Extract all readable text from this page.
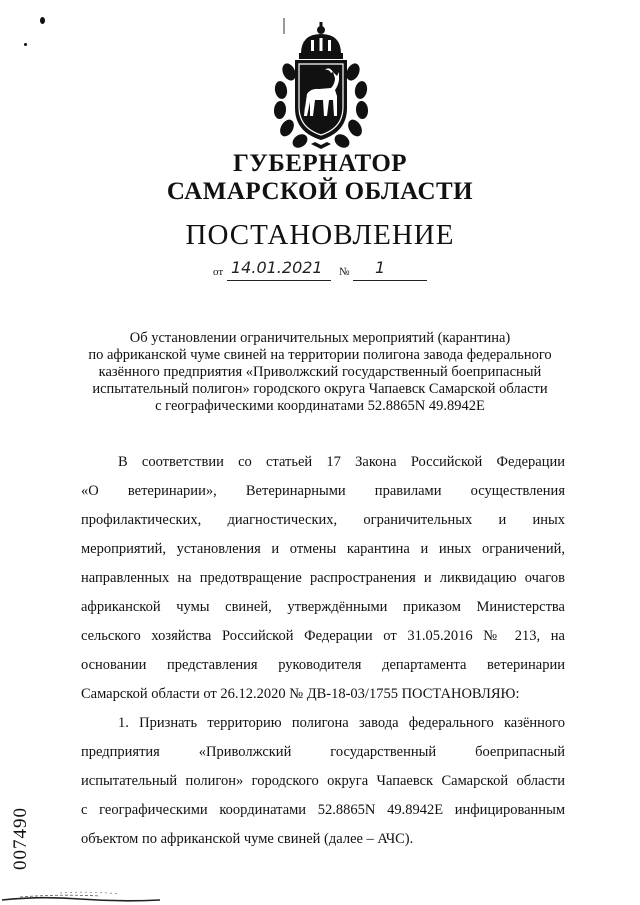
ГУБЕРНАТОР
САМАРСКОЙ ОБЛАСТИ
ПОСТАНОВЛЕНИЕ
от 14.01.2021 № 1
Об установлении ограничительных мероприятий (карантина)
по африканской чуме свиней на территории полигона завода федерального
казённого предприятия «Приволжский государственный боеприпасный
испытательный полигон» городского округа Чапаевск Самарской области
с географическими координатами 52.8865N 49.8942E
В соответствии со статьей 17 Закона Российской Федерации
«О ветеринарии», Ветеринарными правилами осуществления
профилактических, диагностических, ограничительных и иных
мероприятий, установления и отмены карантина и иных ограничений,
направленных на предотвращение распространения и ликвидацию очагов
африканской чумы свиней, утверждёнными приказом Министерства
сельского хозяйства Российской Федерации от 31.05.2016 № 213, на
основании представления руководителя департамента ветеринарии
Самарской области от 26.12.2020 № ДВ-18-03/1755 ПОСТАНОВЛЯЮ:
1. Признать территорию полигона завода федерального казённого
предприятия «Приволжский государственный боеприпасный
испытательный полигон» городского округа Чапаевск Самарской области
с географическими координатами 52.8865N 49.8942E инфицированным
объектом по африканской чуме свиней (далее – АЧС).
007490
